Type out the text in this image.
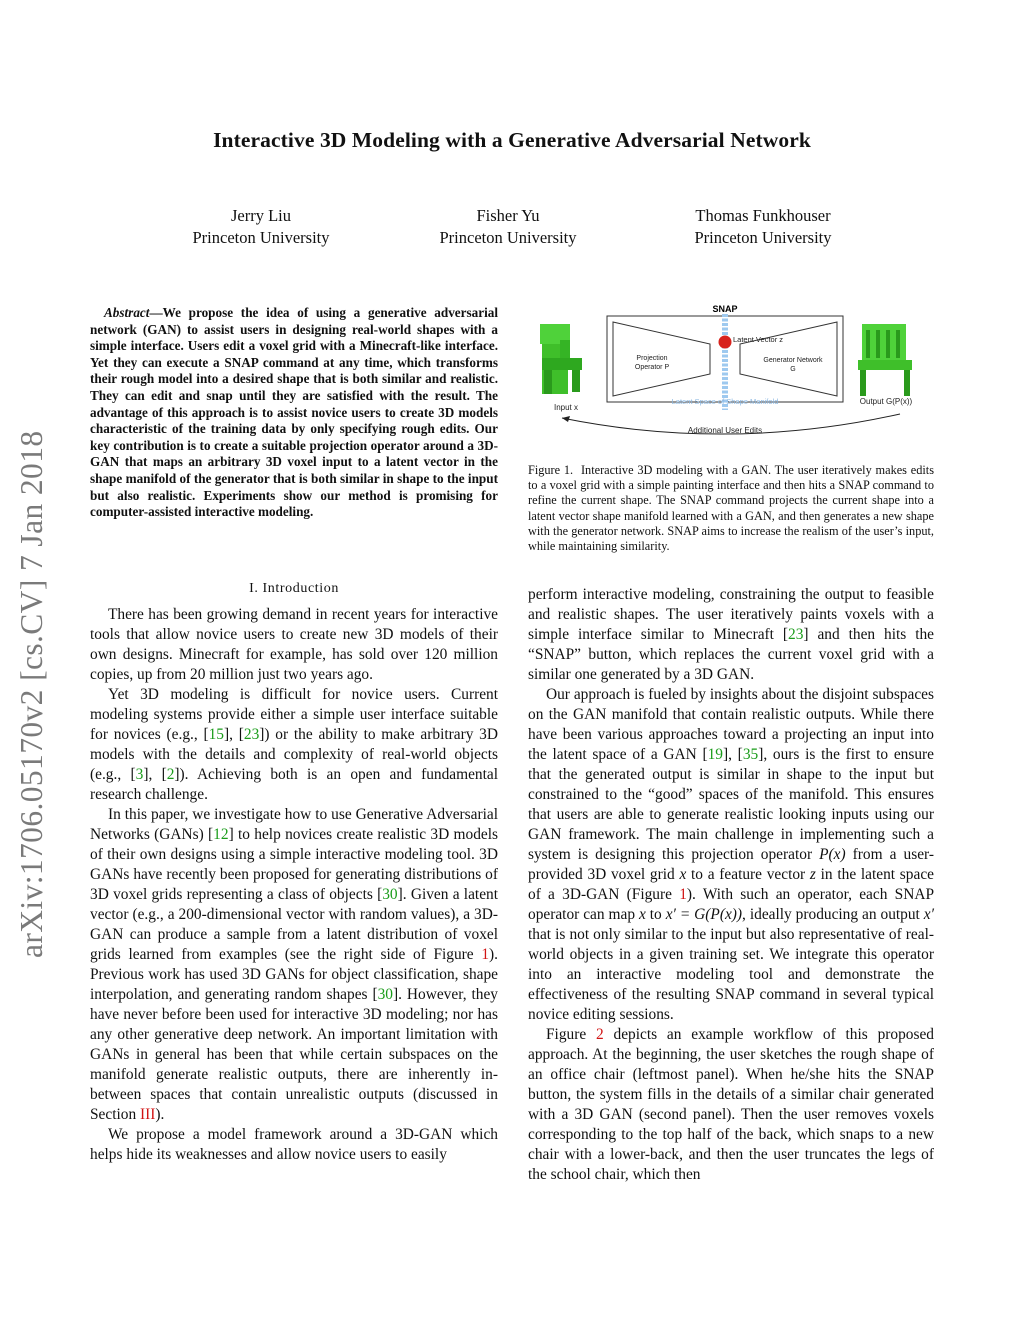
arXiv:1706.05170v2 [cs.CV] 7 Jan 2018
Interactive 3D Modeling with a Generative Adversarial Network
Jerry Liu
Princeton University
Fisher Yu
Princeton University
Thomas Funkhouser
Princeton University
Abstract—We propose the idea of using a generative adversarial network (GAN) to assist users in designing real-world shapes with a simple interface. Users edit a voxel grid with a Minecraft-like interface. Yet they can execute a SNAP command at any time, which transforms their rough model into a desired shape that is both similar and realistic. They can edit and snap until they are satisfied with the result. The advantage of this approach is to assist novice users to create 3D models characteristic of the training data by only specifying rough edits. Our key contribution is to create a suitable projection operator around a 3D-GAN that maps an arbitrary 3D voxel input to a latent vector in the shape manifold of the generator that is both similar in shape to the input but also realistic. Experiments show our method is promising for computer-assisted interactive modeling.
SNAP
Latent Vector z
Projection
Operator P
Generator Network
G
Latent Space of Shape Manifold
Input x
Output G(P(x))
Additional User Edits
Figure 1. Interactive 3D modeling with a GAN. The user iteratively makes edits to a voxel grid with a simple painting interface and then hits a SNAP command to refine the current shape. The SNAP command projects the current shape into a latent vector shape manifold learned with a GAN, and then generates a new shape with the generator network. SNAP aims to increase the realism of the user’s input, while maintaining similarity.
I. Introduction

There has been growing demand in recent years for interactive tools that allow novice users to create new 3D models of their own designs. Minecraft for example, has sold over 120 million copies, up from 20 million just two years ago.

Yet 3D modeling is difficult for novice users. Current modeling systems provide either a simple user interface suitable for novices (e.g., [15], [23]) or the ability to make arbitrary 3D models with the details and complexity of real-world objects (e.g., [3], [2]). Achieving both is an open and fundamental research challenge.

In this paper, we investigate how to use Generative Adversarial Networks (GANs) [12] to help novices create realistic 3D models of their own designs using a simple interactive modeling tool. 3D GANs have recently been proposed for generating distributions of 3D voxel grids representing a class of objects [30]. Given a latent vector (e.g., a 200-dimensional vector with random values), a 3D-GAN can produce a sample from a latent distribution of voxel grids learned from examples (see the right side of Figure 1). Previous work has used 3D GANs for object classification, shape interpolation, and generating random shapes [30]. However, they have never before been used for interactive 3D modeling; nor has any other generative deep network. An important limitation with GANs in general has been that while certain subspaces on the manifold generate realistic outputs, there are inherently in-between spaces that contain unrealistic outputs (discussed in Section III).

We propose a model framework around a 3D-GAN which helps hide its weaknesses and allow novice users to easily

perform interactive modeling, constraining the output to feasible and realistic shapes. The user iteratively paints voxels with a simple interface similar to Minecraft [23] and then hits the “SNAP” button, which replaces the current voxel grid with a similar one generated by a 3D GAN.

Our approach is fueled by insights about the disjoint subspaces on the GAN manifold that contain realistic outputs. While there have been various approaches toward a projecting an input into the latent space of a GAN [19], [35], ours is the first to ensure that the generated output is similar in shape to the input but constrained to the “good” spaces of the manifold. This ensures that users are able to generate realistic looking inputs using our GAN framework. The main challenge in implementing such a system is designing this projection operator P(x) from a user-provided 3D voxel grid x to a feature vector z in the latent space of a 3D-GAN (Figure 1). With such an operator, each SNAP operator can map x to x′ = G(P(x)), ideally producing an output x′ that is not only similar to the input but also representative of real-world objects in a given training set. We integrate this operator into an interactive modeling tool and demonstrate the effectiveness of the resulting SNAP command in several typical novice editing sessions.

Figure 2 depicts an example workflow of this proposed approach. At the beginning, the user sketches the rough shape of an office chair (leftmost panel). When he/she hits the SNAP button, the system fills in the details of a similar chair generated with a 3D GAN (second panel). Then the user removes voxels corresponding to the top half of the back, which snaps to a new chair with a lower-back, and then the user truncates the legs of the school chair, which then
